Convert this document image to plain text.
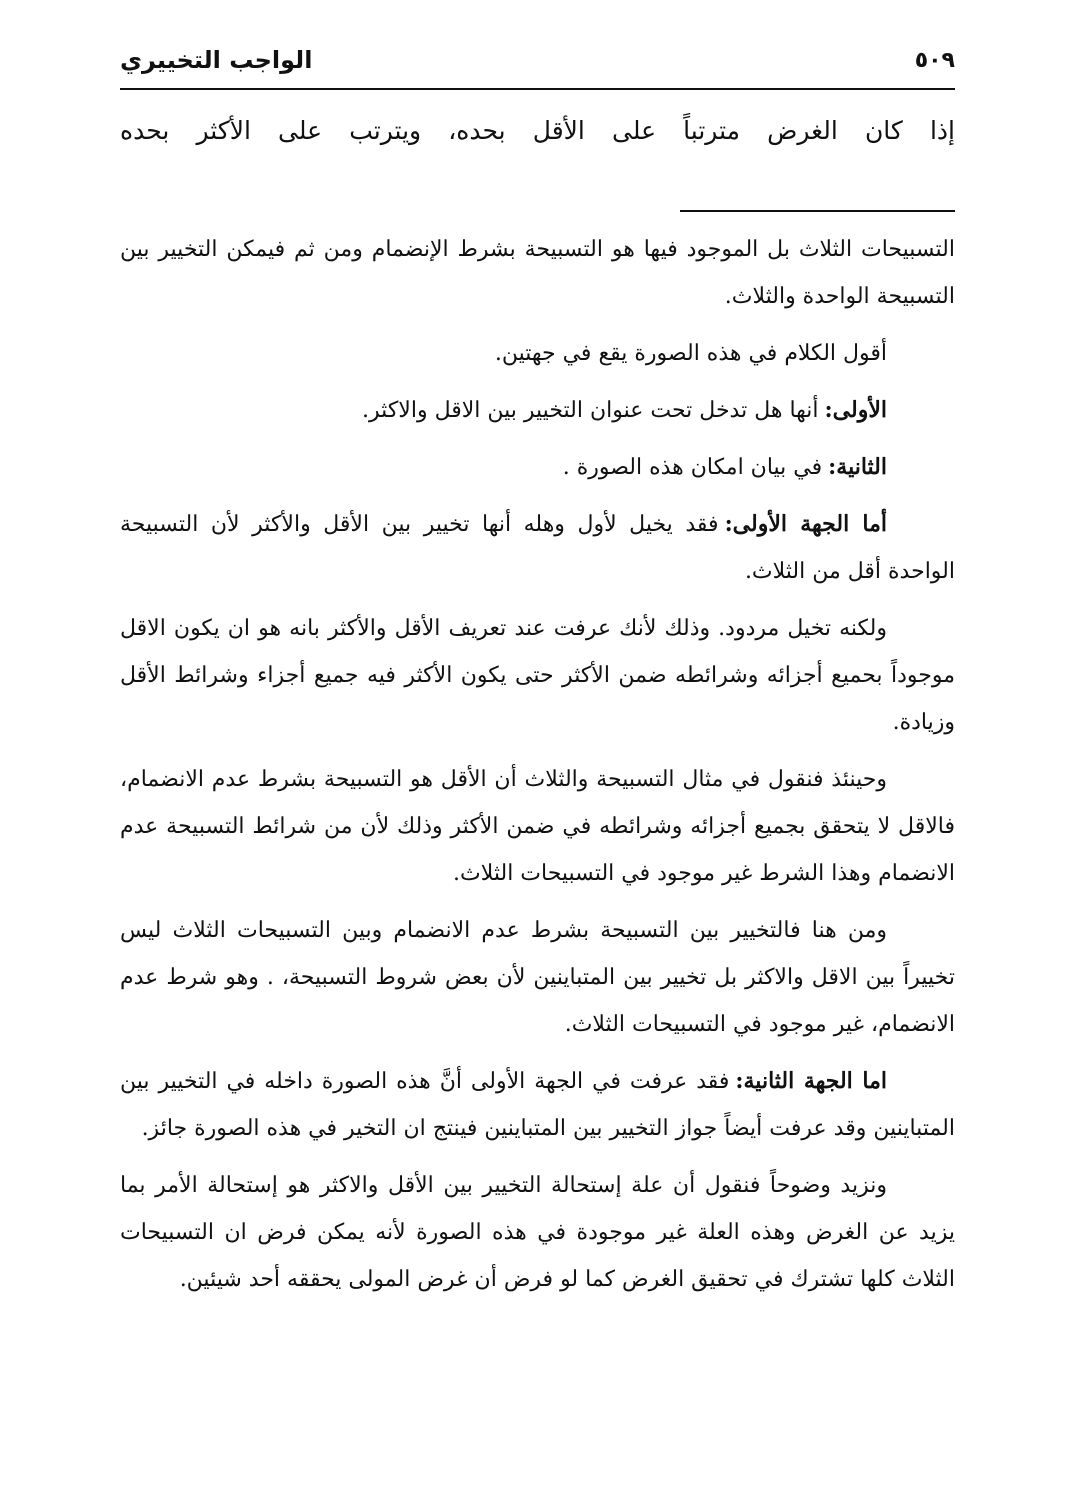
الواجب التخييري	٥٠٩
إذا كان الغرض مترتباً على الأقل بحده، ويترتب على الأكثر بحده

التسبيحات الثلاث بل الموجود فيها هو التسبيحة بشرط الإنضمام ومن ثم فيمكن التخيير بين التسبيحة الواحدة والثلاث.

أقول الكلام في هذه الصورة يقع في جهتين.

الأولى:أنها هل تدخل تحت عنوان التخيير بين الاقل والاكثر.

الثانية:في بيان امكان هذه الصورة .

أما الجهة الأولى:فقد يخيل لأول وهله أنها تخيير بين الأقل والأكثر لأن التسبيحة الواحدة أقل من الثلاث.

ولكنه تخيل مردود. وذلك لأنك عرفت عند تعريف الأقل والأكثر بانه هو ان يكون الاقل موجوداً بحميع أجزائه وشرائطه ضمن الأكثر حتى يكون الأكثر فيه جميع أجزاء وشرائط الأقل وزيادة.

وحينئذ فنقول في مثال التسبيحة والثلاث أن الأقل هو التسبيحة بشرط عدم الانضمام، فالاقل لا يتحقق بجميع أجزائه وشرائطه في ضمن الأكثر وذلك لأن من شرائط التسبيحة عدم الانضمام وهذا الشرط غير موجود في التسبيحات الثلاث.

ومن هنا فالتخيير بين التسبيحة بشرط عدم الانضمام وبين التسبيحات الثلاث ليس تخييراً بين الاقل والاكثر بل تخيير بين المتباينين لأن بعض شروط التسبيحة، . وهو شرط عدم الانضمام، غير موجود في التسبيحات الثلاث.

اما الجهة الثانية:فقد عرفت في الجهة الأولى أنَّ هذه الصورة داخله في التخيير بين المتباينين وقد عرفت أيضاً جواز التخيير بين المتباينين فينتج ان التخير في هذه الصورة جائز.

ونزيد وضوحاً فنقول أن علة إستحالة التخيير بين الأقل والاكثر هو إستحالة الأمر بما يزيد عن الغرض وهذه العلة غير موجودة في هذه الصورة لأنه يمكن فرض ان التسبيحات الثلاث كلها تشترك في تحقيق الغرض كما لو فرض أن غرض المولى يحققه أحد شيئين.
